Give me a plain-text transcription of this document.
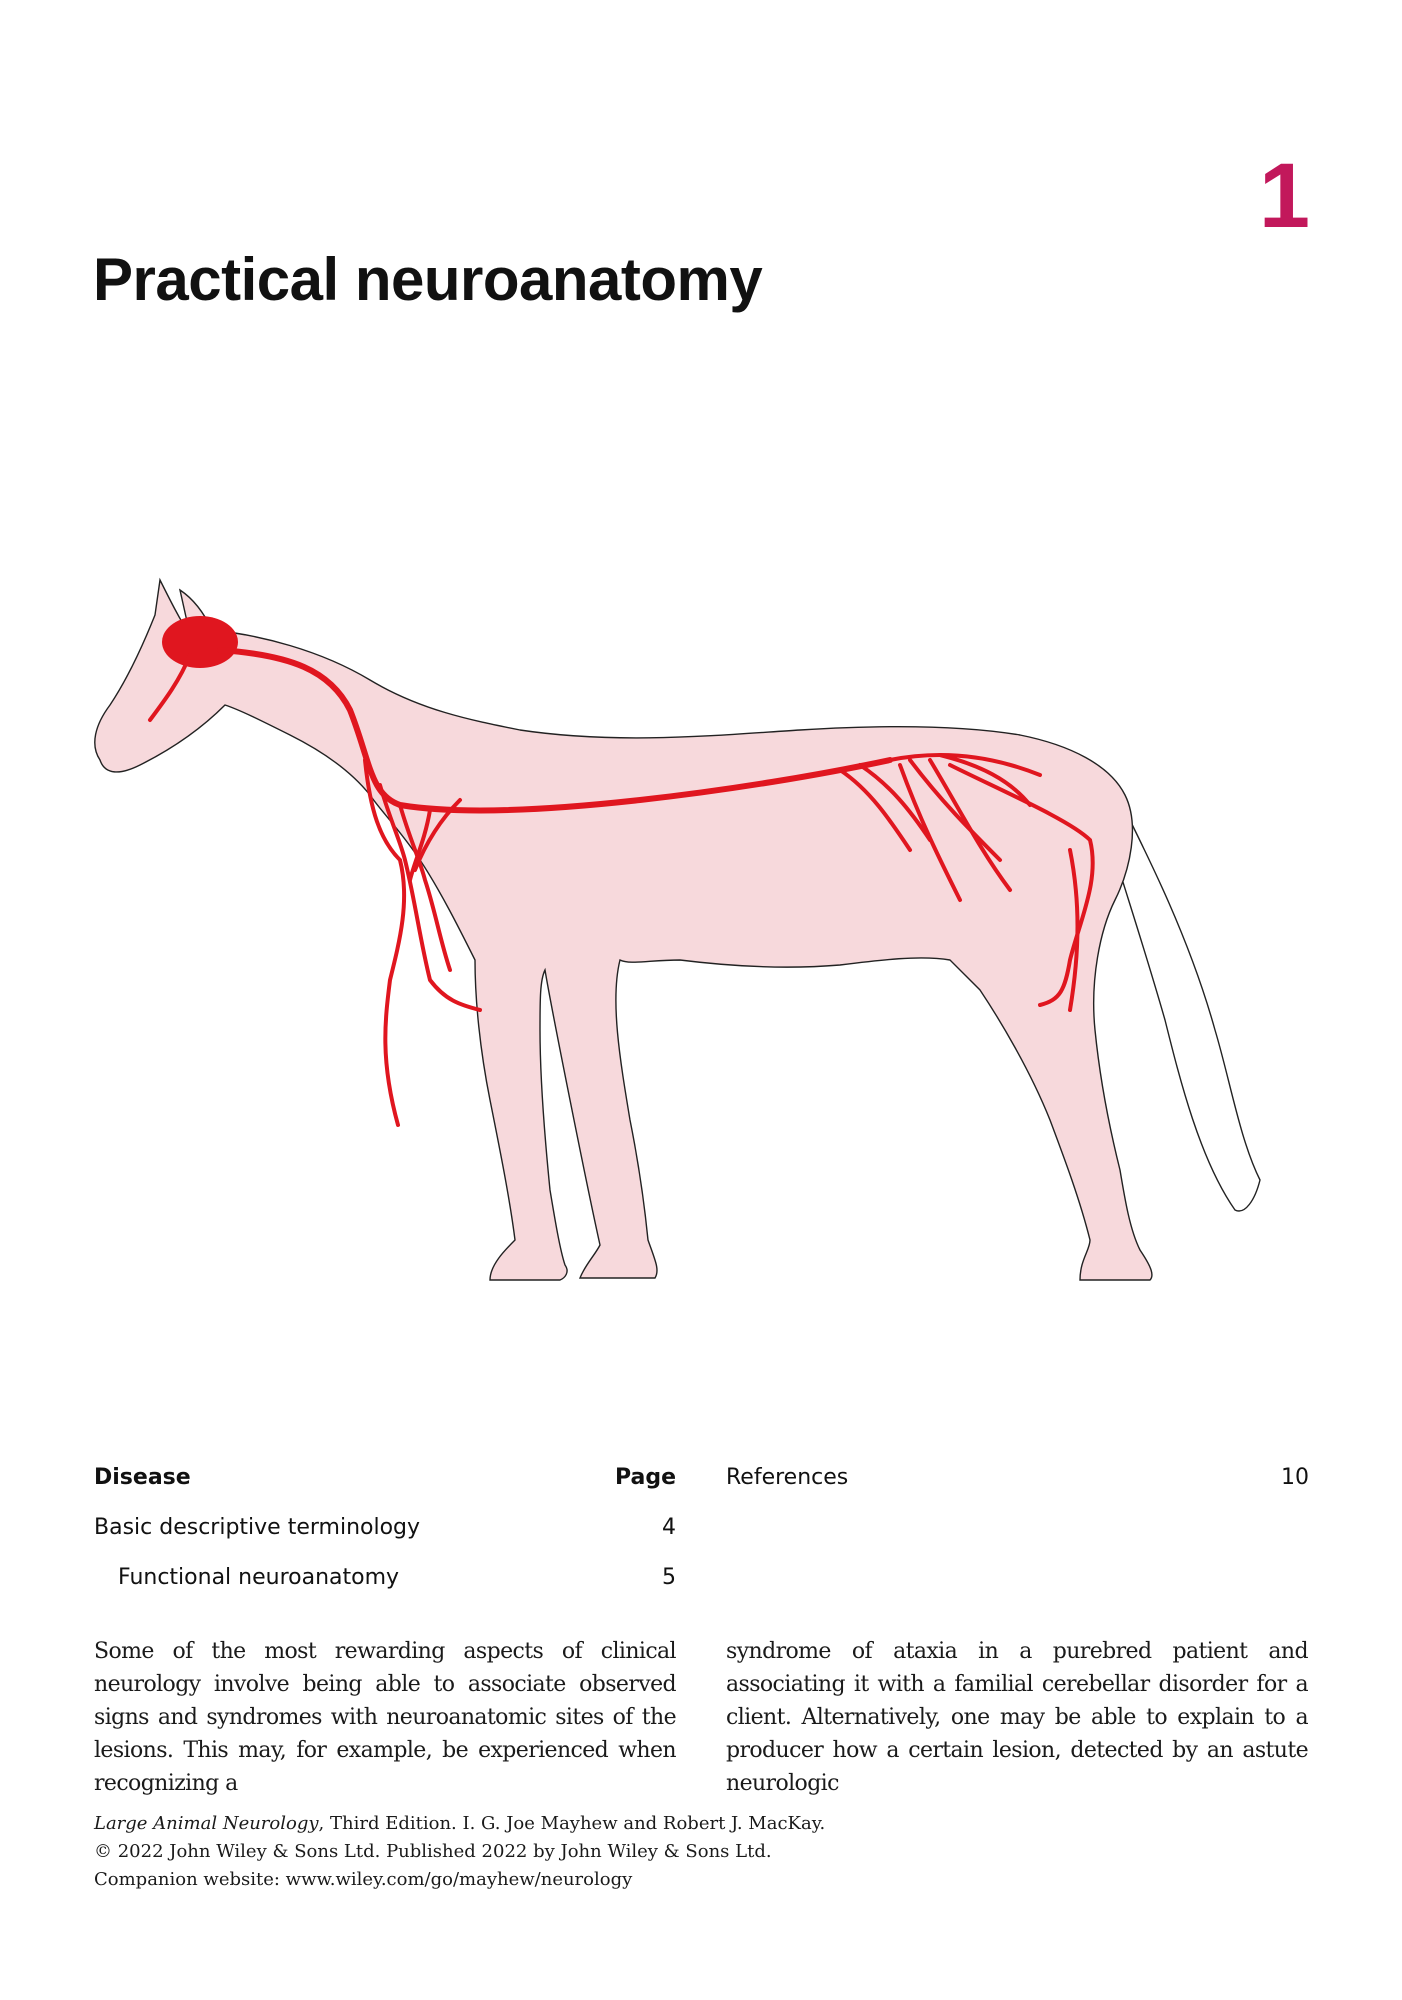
1
Practical neuroanatomy
Disease	Page
Basic descriptive terminology	4
Functional neuroanatomy	5
References	10
Some of the most rewarding aspects of clinical neurology involve being able to associate observed signs and syndromes with neuroanatomic sites of the lesions. This may, for example, be experienced when recognizing a
syndrome of ataxia in a purebred patient and associating it with a familial cerebellar disorder for a client. Alternatively, one may be able to explain to a producer how a certain lesion, detected by an astute neurologic
Large Animal Neurology, Third Edition. I. G. Joe Mayhew and Robert J. MacKay.
© 2022 John Wiley & Sons Ltd. Published 2022 by John Wiley & Sons Ltd.
Companion website: www.wiley.com/go/mayhew/neurology
